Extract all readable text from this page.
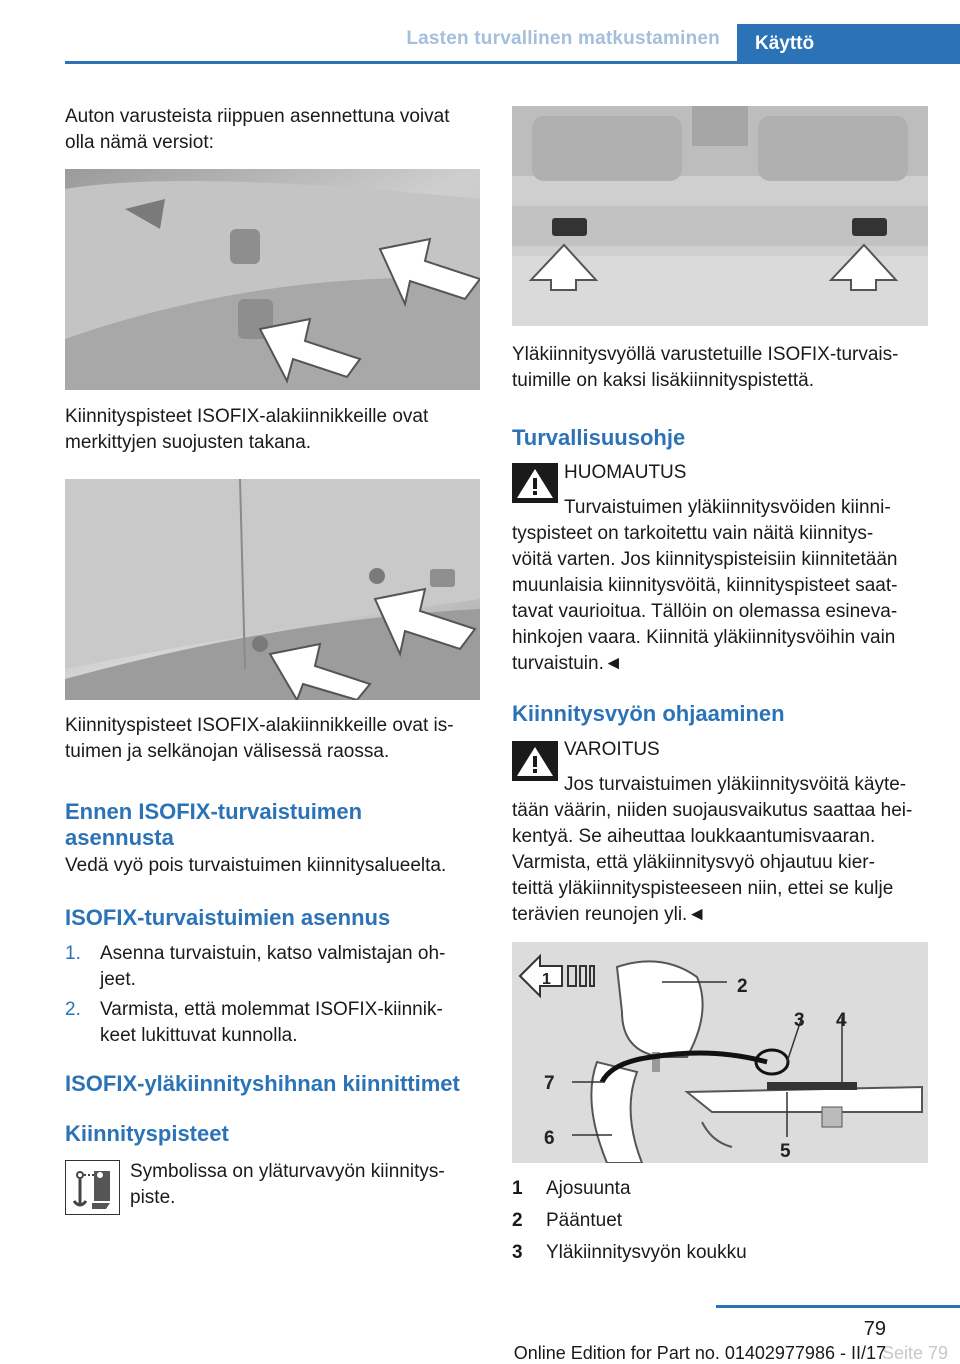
Lasten turvallinen matkustaminen	Käyttö
Auton varusteista riippuen asennettuna voivat
olla nämä versiot:
Kiinnityspisteet ISOFIX-alakiinnikkeille ovat
merkittyjen suojusten takana.
Kiinnityspisteet ISOFIX-alakiinnikkeille ovat is-
tuimen ja selkänojan välisessä raossa.
Ennen ISOFIX-turvaistuimen
asennusta
Vedä vyö pois turvaistuimen kiinnitysalueelta.
ISOFIX-turvaistuimien asennus
1. Asenna turvaistuin, katso valmistajan oh-
jeet.
2. Varmista, että molemmat ISOFIX-kiinnik-
keet lukittuvat kunnolla.
ISOFIX-yläkiinnityshihnan kiinnittimet
Kiinnityspisteet
Symbolissa on yläturvavyön kiinnitys-
piste.
Yläkiinnitysvyöllä varustetuille ISOFIX-turvais-
tuimille on kaksi lisäkiinnityspistettä.
Turvallisuusohje
HUOMAUTUS
Turvaistuimen yläkiinnitysvöiden kiinni-
tyspisteet on tarkoitettu vain näitä kiinnitys-
vöitä varten. Jos kiinnityspisteisiin kiinnitetään
muunlaisia kiinnitysvöitä, kiinnityspisteet saat-
tavat vaurioitua. Tällöin on olemassa esineva-
hinkojen vaara. Kiinnitä yläkiinnitysvöihin vain
turvaistuin.◄
Kiinnitysvyön ohjaaminen
VAROITUS
Jos turvaistuimen yläkiinnitysvöitä käyte-
tään väärin, niiden suojausvaikutus saattaa hei-
kentyä. Se aiheuttaa loukkaantumisvaaran.
Varmista, että yläkiinnitysvyö ohjautuu kier-
teittä yläkiinnityspisteeseen niin, ettei se kulje
terävien reunojen yli.◄
1	2
3 4
5
6
7
1 Ajosuunta
2 Pääntuet
3 Yläkiinnitysvyön koukku
79
Seite 79
Online Edition for Part no. 01402977986 - II/17
